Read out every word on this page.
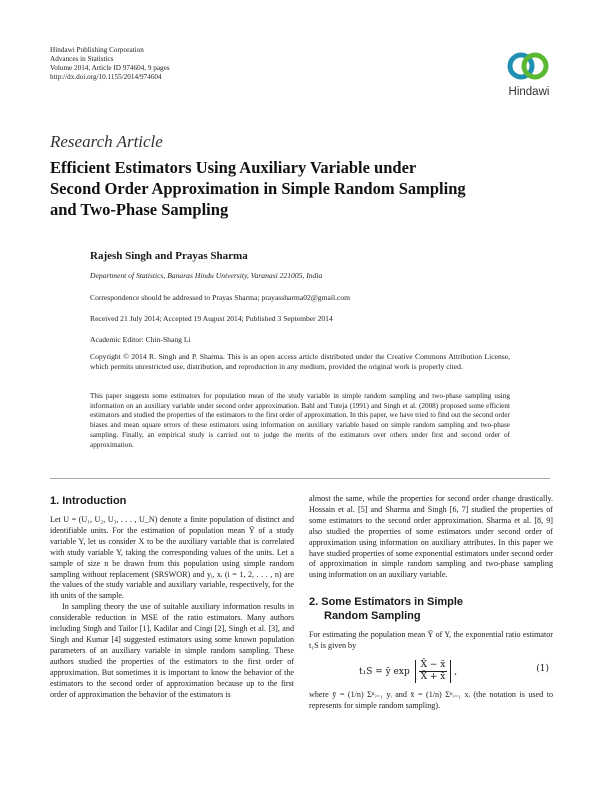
Hindawi Publishing Corporation
Advances in Statistics
Volume 2014, Article ID 974604, 9 pages
http://dx.doi.org/10.1155/2014/974604
Hindawi
Research Article
Efficient Estimators Using Auxiliary Variable under
Second Order Approximation in Simple Random Sampling
and Two-Phase Sampling
Rajesh Singh and Prayas Sharma
Department of Statistics, Banaras Hindu University, Varanasi 221005, India
Correspondence should be addressed to Prayas Sharma; prayassharma02@gmail.com
Received 21 July 2014; Accepted 19 August 2014; Published 3 September 2014
Academic Editor: Chin-Shang Li
Copyright © 2014 R. Singh and P. Sharma. This is an open access article distributed under the Creative Commons Attribution License, which permits unrestricted use, distribution, and reproduction in any medium, provided the original work is properly cited.
This paper suggests some estimators for population mean of the study variable in simple random sampling and two-phase sampling using information on an auxiliary variable under second order approximation. Bahl and Tuteja (1991) and Singh et al. (2008) proposed some efficient estimators and studied the properties of the estimators to the first order of approximation. In this paper, we have tried to find out the second order biases and mean square errors of these estimators using information on auxiliary variable based on simple random sampling and two-phase sampling. Finally, an empirical study is carried out to judge the merits of the estimators over others under first and second order of approximation.
1. Introduction

Let U = (U₁, U₂, U₃, . . . , U_N) denote a finite population of distinct and identifiable units. For the estimation of population mean Ȳ of a study variable Y, let us consider X to be the auxiliary variable that is correlated with study variable Y, taking the corresponding values of the units. Let a sample of size n be drawn from this population using simple random sampling without replacement (SRSWOR) and yᵢ, xᵢ (i = 1, 2, . . . , n) are the values of the study variable and auxiliary variable, respectively, for the ith units of the sample.

In sampling theory the use of suitable auxiliary information results in considerable reduction in MSE of the ratio estimators. Many authors including Singh and Tailor [1], Kadilar and Cingi [2], Singh et al. [3], and Singh and Kumar [4] suggested estimators using some known population parameters of an auxiliary variable in simple random sampling. These authors studied the properties of the estimators to the first order of approximation. But sometimes it is important to know the behavior of the estimators to the second order of approximation because up to the first order of approximation the behavior of the estimators is

almost the same, while the properties for second order change drastically. Hossain et al. [5] and Sharma and Singh [6, 7] studied the properties of some estimators to the second order approximation. Sharma et al. [8, 9] also studied the properties of some estimators under second order of approximation using information on auxiliary attributes. In this paper we have studied properties of some exponential estimators under second order of approximation in simple random sampling and two-phase sampling using information on an auxiliary variable.

2. Some Estimators in Simple
Random Sampling

For estimating the population mean Ȳ of Y, the exponential ratio estimator t₁S is given by

t₁S = ȳ $\exp \frac{X̄ - x̄}{X̄ + x̄}$ ,	(1)

where ȳ = (1/n) Σⁿᵢ₌₁ yᵢ and x̄ = (1/n) Σⁿᵢ₌₁ xᵢ (the notation is used to represents for simple random sampling).
